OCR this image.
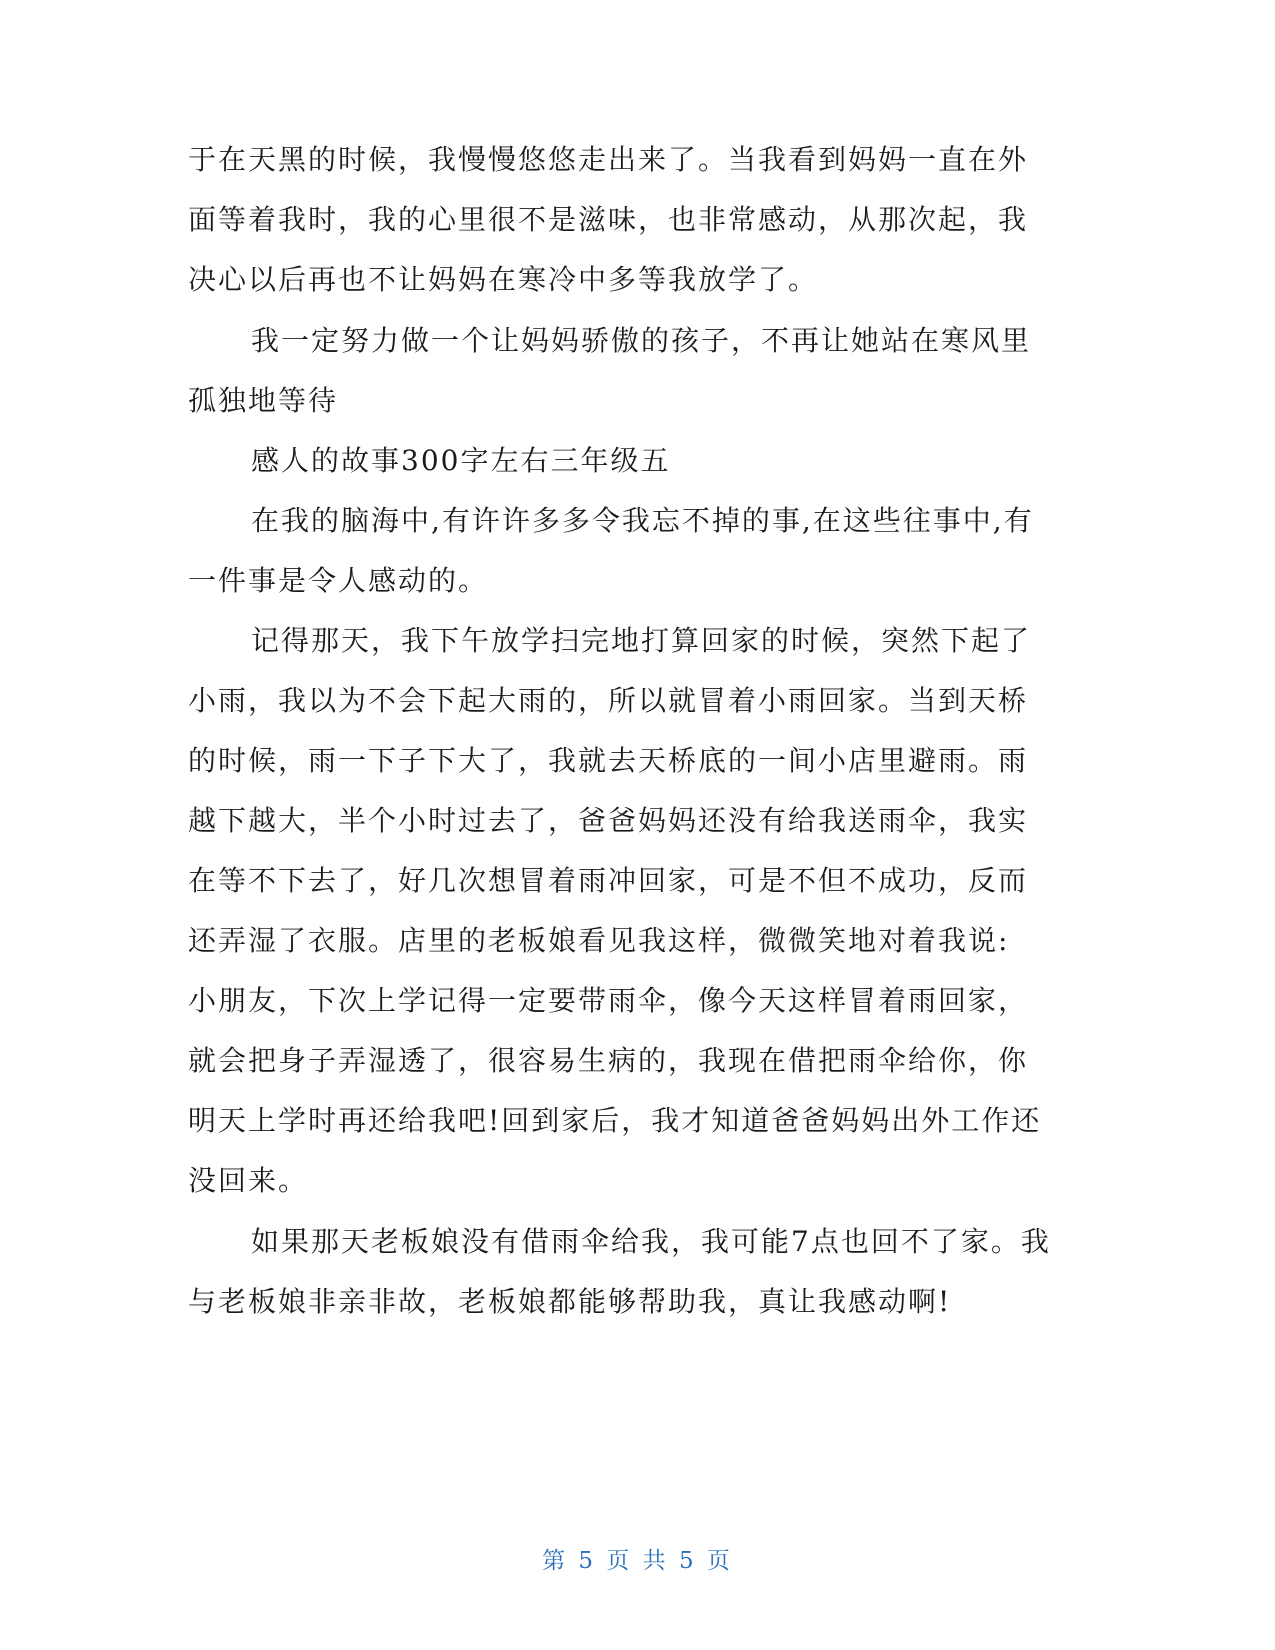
于在天黑的时候，我慢慢悠悠走出来了。当我看到妈妈一直在外
面等着我时，我的心里很不是滋味，也非常感动，从那次起，我
决心以后再也不让妈妈在寒冷中多等我放学了。
我一定努力做一个让妈妈骄傲的孩子，不再让她站在寒风里
孤独地等待
感人的故事300字左右三年级五
在我的脑海中,有许许多多令我忘不掉的事,在这些往事中,有
一件事是令人感动的。
记得那天，我下午放学扫完地打算回家的时候，突然下起了
小雨，我以为不会下起大雨的，所以就冒着小雨回家。当到天桥
的时候，雨一下子下大了，我就去天桥底的一间小店里避雨。雨
越下越大，半个小时过去了，爸爸妈妈还没有给我送雨伞，我实
在等不下去了，好几次想冒着雨冲回家，可是不但不成功，反而
还弄湿了衣服。店里的老板娘看见我这样，微微笑地对着我说:
小朋友，下次上学记得一定要带雨伞，像今天这样冒着雨回家，
就会把身子弄湿透了，很容易生病的，我现在借把雨伞给你，你
明天上学时再还给我吧!回到家后，我才知道爸爸妈妈出外工作还
没回来。
如果那天老板娘没有借雨伞给我，我可能7点也回不了家。我
与老板娘非亲非故，老板娘都能够帮助我，真让我感动啊!
第 5 页 共 5 页
